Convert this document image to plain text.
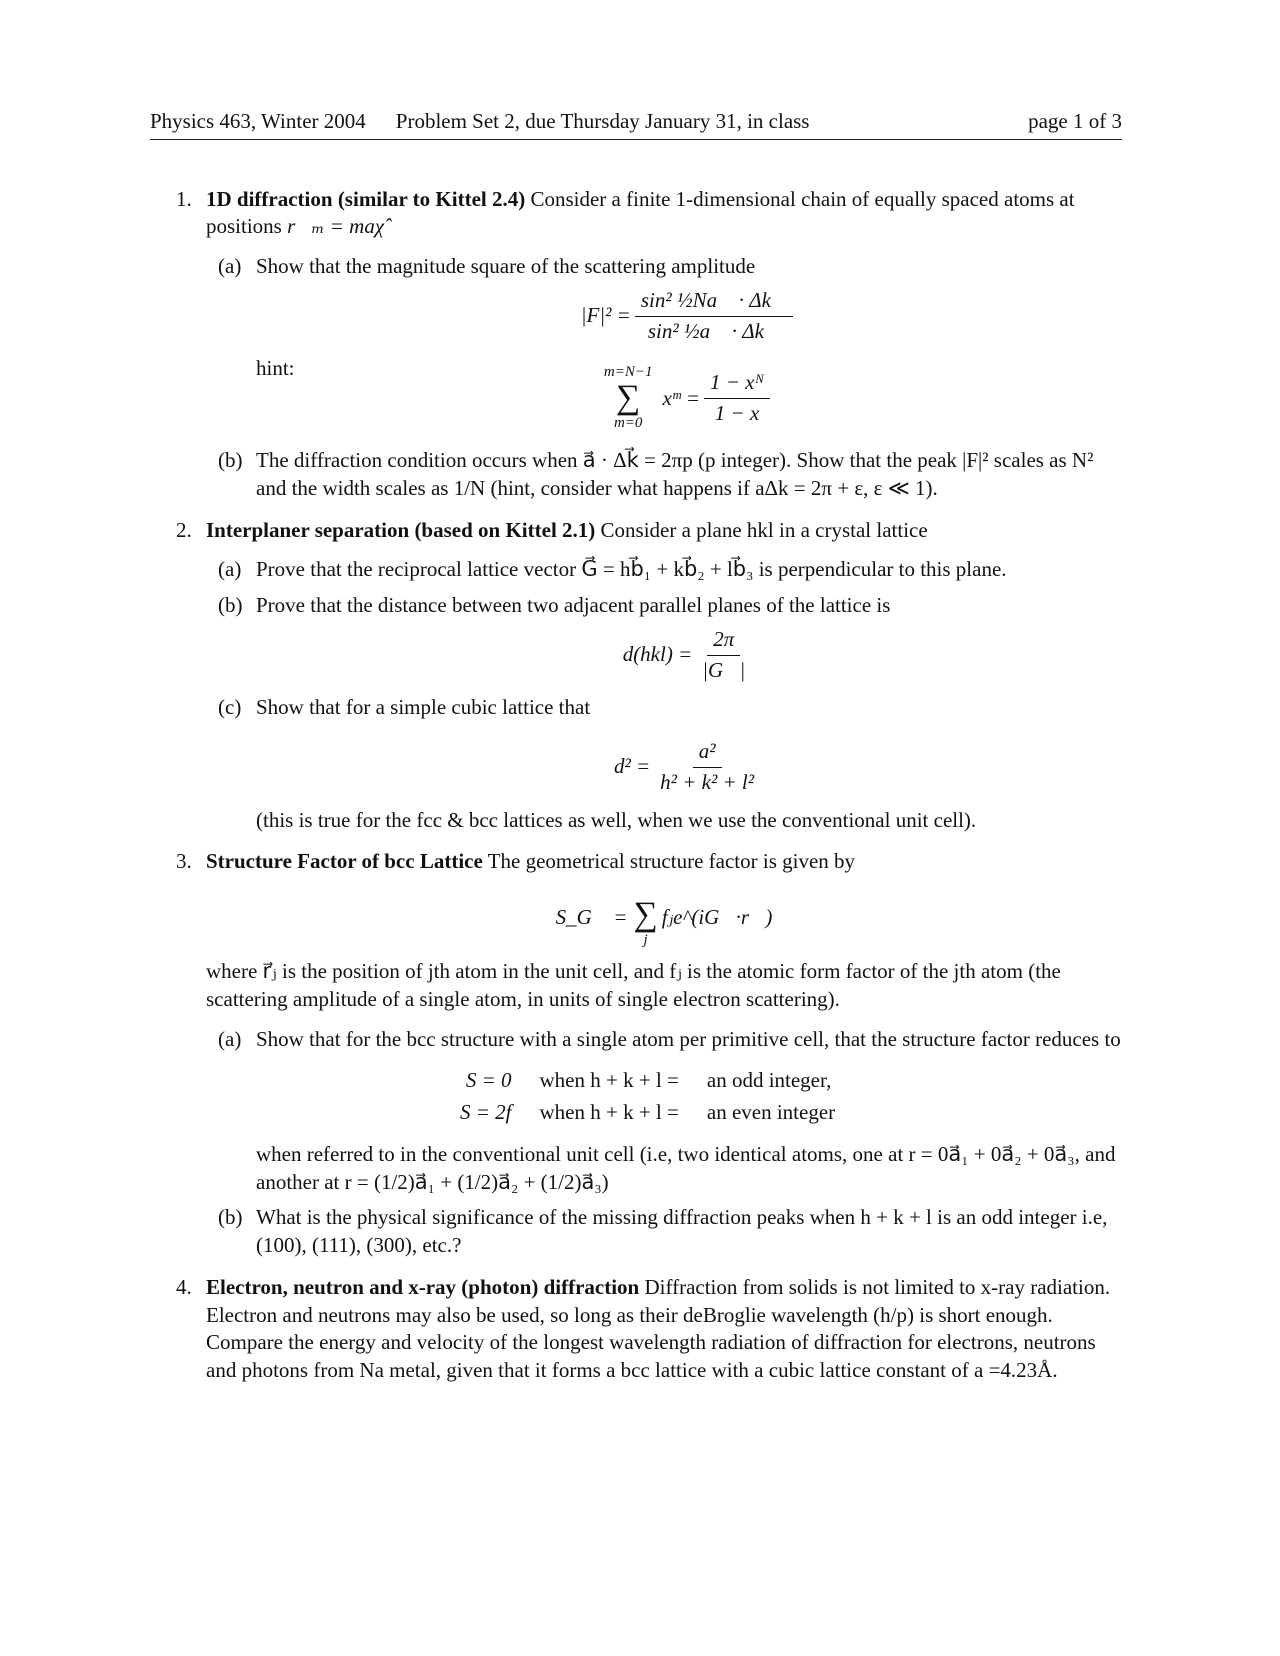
Physics 463, Winter 2004 Problem Set 2, due Thursday January 31, in class	page 1 of 3
1. 1D diffraction (similar to Kittel 2.4) Consider a finite 1-dimensional chain of equally spaced atoms at positions r⃗ₘ = maχ̂
(a) Show that the magnitude square of the scattering amplitude
$|F|^2 = \frac{\text{sin² ½Na⃗ · Δk⃗}}{\text{sin² ½a⃗ · Δk⃗}}$
hint:	m=N−1
∑
m=0
xᵐ = $\frac{\text{1 − xᴺ}}{1 - x}$
(b) The diffraction condition occurs when a⃗ · Δk⃗ = 2πp (p integer). Show that the peak |F|² scales as N² and the width scales as 1/N (hint, consider what happens if aΔk = 2π + ε, ε ≪ 1).
2. Interplaner separation (based on Kittel 2.1) Consider a plane hkl in a crystal lattice
(a) Prove that the reciprocal lattice vector G⃗ = hb⃗₁ + kb⃗₂ + lb⃗₃ is perpendicular to this plane.
(b) Prove that the distance between two adjacent parallel planes of the lattice is
$d(hkl) = \frac{2\pi}{|G⃗|}$
(c) Show that for a simple cubic lattice that
$d^2 = \frac{\text{a²}}{\text{h² + k² + l²}}$
(this is true for the fcc & bcc lattices as well, when we use the conventional unit cell).
3. Structure Factor of bcc Lattice The geometrical structure factor is given by
S_G⃗ = ∑
j
fⱼe^(iG⃗·r⃗)
where r⃗ⱼ is the position of jth atom in the unit cell, and fⱼ is the atomic form factor of the jth atom (the scattering amplitude of a single atom, in units of single electron scattering).
(a) Show that for the bcc structure with a single atom per primitive cell, that the structure factor reduces to
S = 0	when h + k + l =	an odd integer,
S = 2f	when h + k + l =	an even integer
when referred to in the conventional unit cell (i.e, two identical atoms, one at r = 0a⃗₁ + 0a⃗₂ + 0a⃗₃, and another at r = (1/2)a⃗₁ + (1/2)a⃗₂ + (1/2)a⃗₃)
(b) What is the physical significance of the missing diffraction peaks when h + k + l is an odd integer i.e, (100), (111), (300), etc.?
4. Electron, neutron and x-ray (photon) diffraction Diffraction from solids is not limited to x-ray radiation. Electron and neutrons may also be used, so long as their deBroglie wavelength (h/p) is short enough. Compare the energy and velocity of the longest wavelength radiation of diffraction for electrons, neutrons and photons from Na metal, given that it forms a bcc lattice with a cubic lattice constant of a =4.23Å.
